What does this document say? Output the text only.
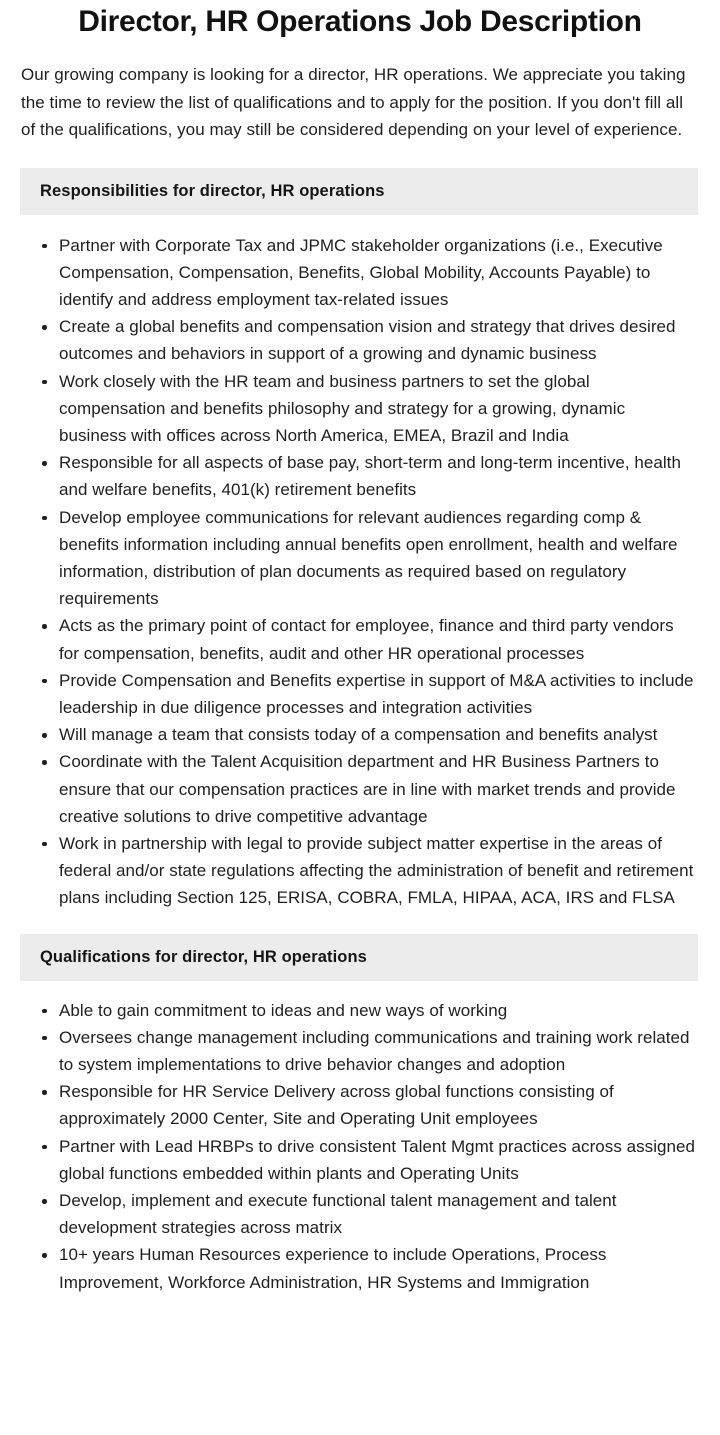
Director, HR Operations Job Description

Our growing company is looking for a director, HR operations. We appreciate you taking the time to review the list of qualifications and to apply for the position. If you don't fill all of the qualifications, you may still be considered depending on your level of experience.

Responsibilities for director, HR operations
Partner with Corporate Tax and JPMC stakeholder organizations (i.e., Executive Compensation, Compensation, Benefits, Global Mobility, Accounts Payable) to identify and address employment tax-related issues
Create a global benefits and compensation vision and strategy that drives desired outcomes and behaviors in support of a growing and dynamic business
Work closely with the HR team and business partners to set the global compensation and benefits philosophy and strategy for a growing, dynamic business with offices across North America, EMEA, Brazil and India
Responsible for all aspects of base pay, short-term and long-term incentive, health and welfare benefits, 401(k) retirement benefits
Develop employee communications for relevant audiences regarding comp & benefits information including annual benefits open enrollment, health and welfare information, distribution of plan documents as required based on regulatory requirements
Acts as the primary point of contact for employee, finance and third party vendors for compensation, benefits, audit and other HR operational processes
Provide Compensation and Benefits expertise in support of M&A activities to include leadership in due diligence processes and integration activities
Will manage a team that consists today of a compensation and benefits analyst
Coordinate with the Talent Acquisition department and HR Business Partners to ensure that our compensation practices are in line with market trends and provide creative solutions to drive competitive advantage
Work in partnership with legal to provide subject matter expertise in the areas of federal and/or state regulations affecting the administration of benefit and retirement plans including Section 125, ERISA, COBRA, FMLA, HIPAA, ACA, IRS and FLSA
Qualifications for director, HR operations
Able to gain commitment to ideas and new ways of working
Oversees change management including communications and training work related to system implementations to drive behavior changes and adoption
Responsible for HR Service Delivery across global functions consisting of approximately 2000 Center, Site and Operating Unit employees
Partner with Lead HRBPs to drive consistent Talent Mgmt practices across assigned global functions embedded within plants and Operating Units
Develop, implement and execute functional talent management and talent development strategies across matrix
10+ years Human Resources experience to include Operations, Process Improvement, Workforce Administration, HR Systems and Immigration
